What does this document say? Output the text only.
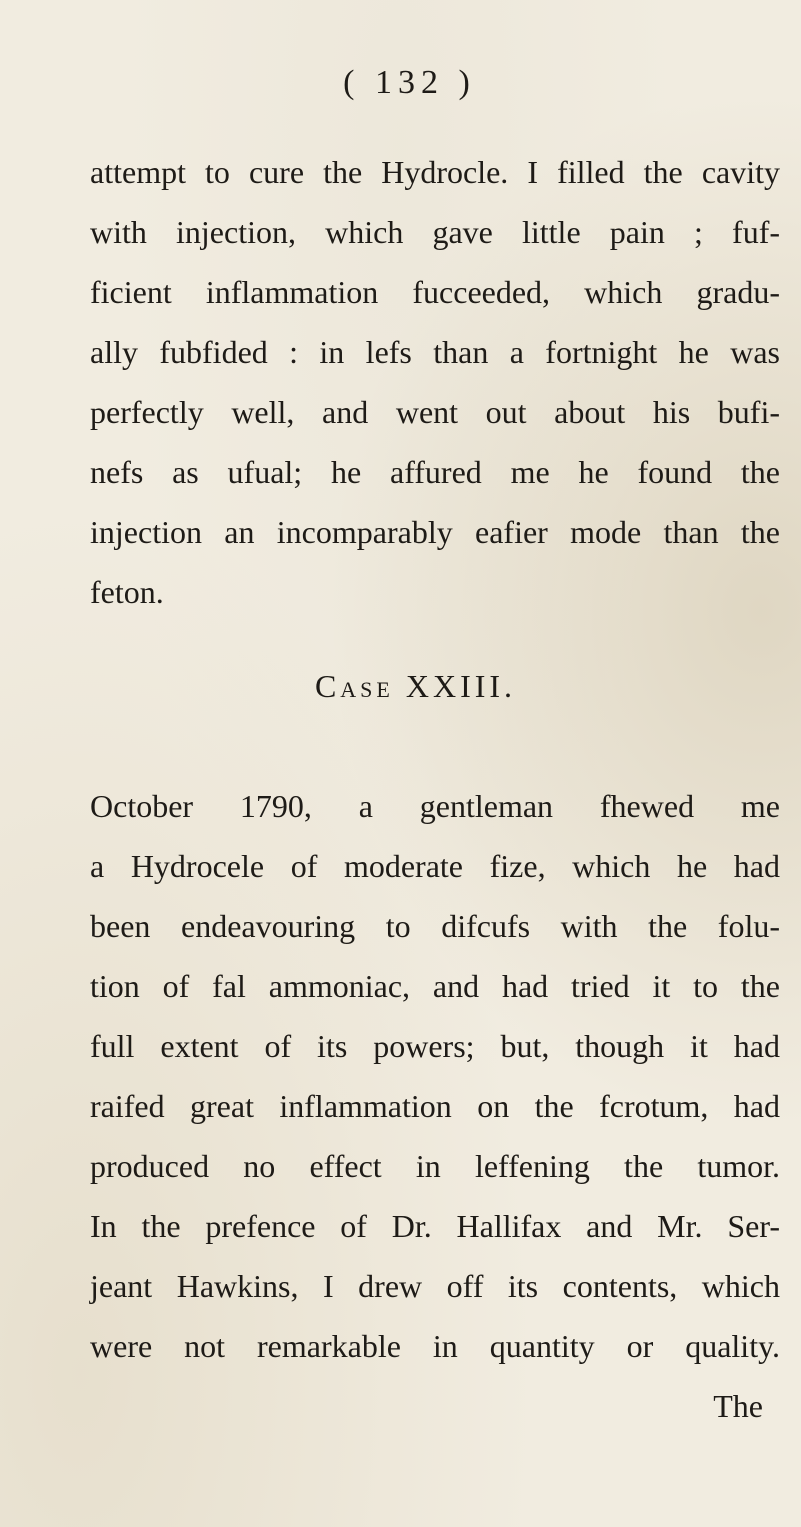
( 132 )
attempt to cure the Hydrocle. I filled the cavity
with injection, which gave little pain ; fuf-
ficient inflammation fucceeded, which gradu-
ally fubfided : in lefs than a fortnight he was
perfectly well, and went out about his bufi-
nefs as ufual; he affured me he found the
injection an incomparably eafier mode than the
feton.
Case XXIII.
October 1790, a gentleman fhewed me
a Hydrocele of moderate fize, which he had
been endeavouring to difcufs with the folu-
tion of fal ammoniac, and had tried it to the
full extent of its powers; but, though it had
raifed great inflammation on the fcrotum, had
produced no effect in leffening the tumor.
In the prefence of Dr. Hallifax and Mr. Ser-
jeant Hawkins, I drew off its contents, which
were not remarkable in quantity or quality.
The
